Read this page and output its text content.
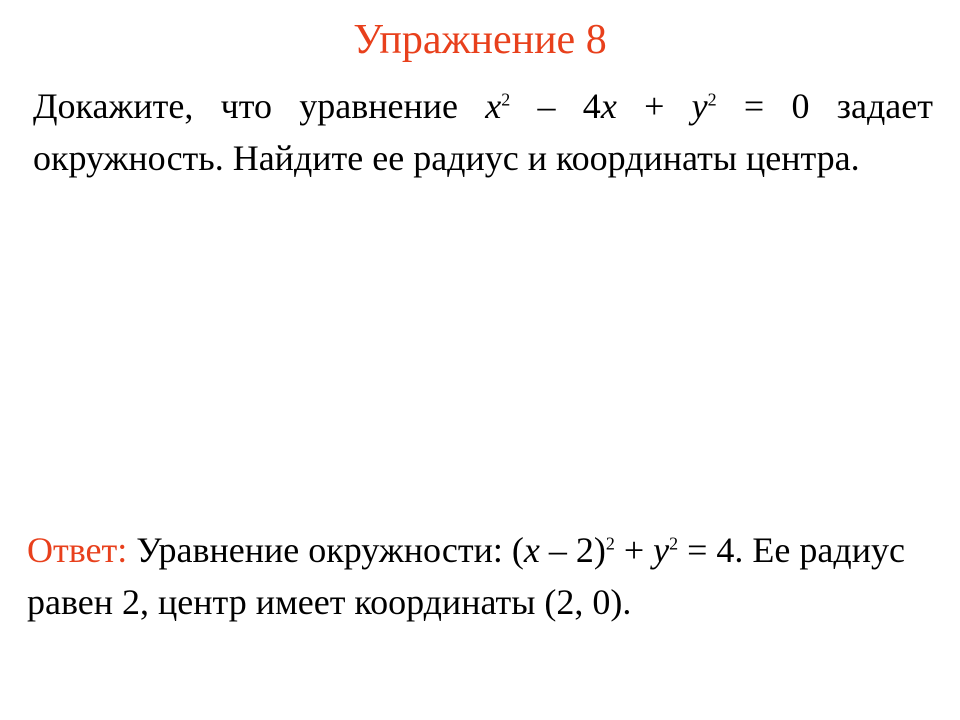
Упражнение 8
Докажите, что уравнение $x^2 - 4x + y^2 = 0$ задает окружность. Найдите ее радиус и координаты центра.
Ответ: Уравнение окружности: $(x - 2)^2 + y^2 = 4$. Ее радиус равен 2, центр имеет координаты (2, 0).
